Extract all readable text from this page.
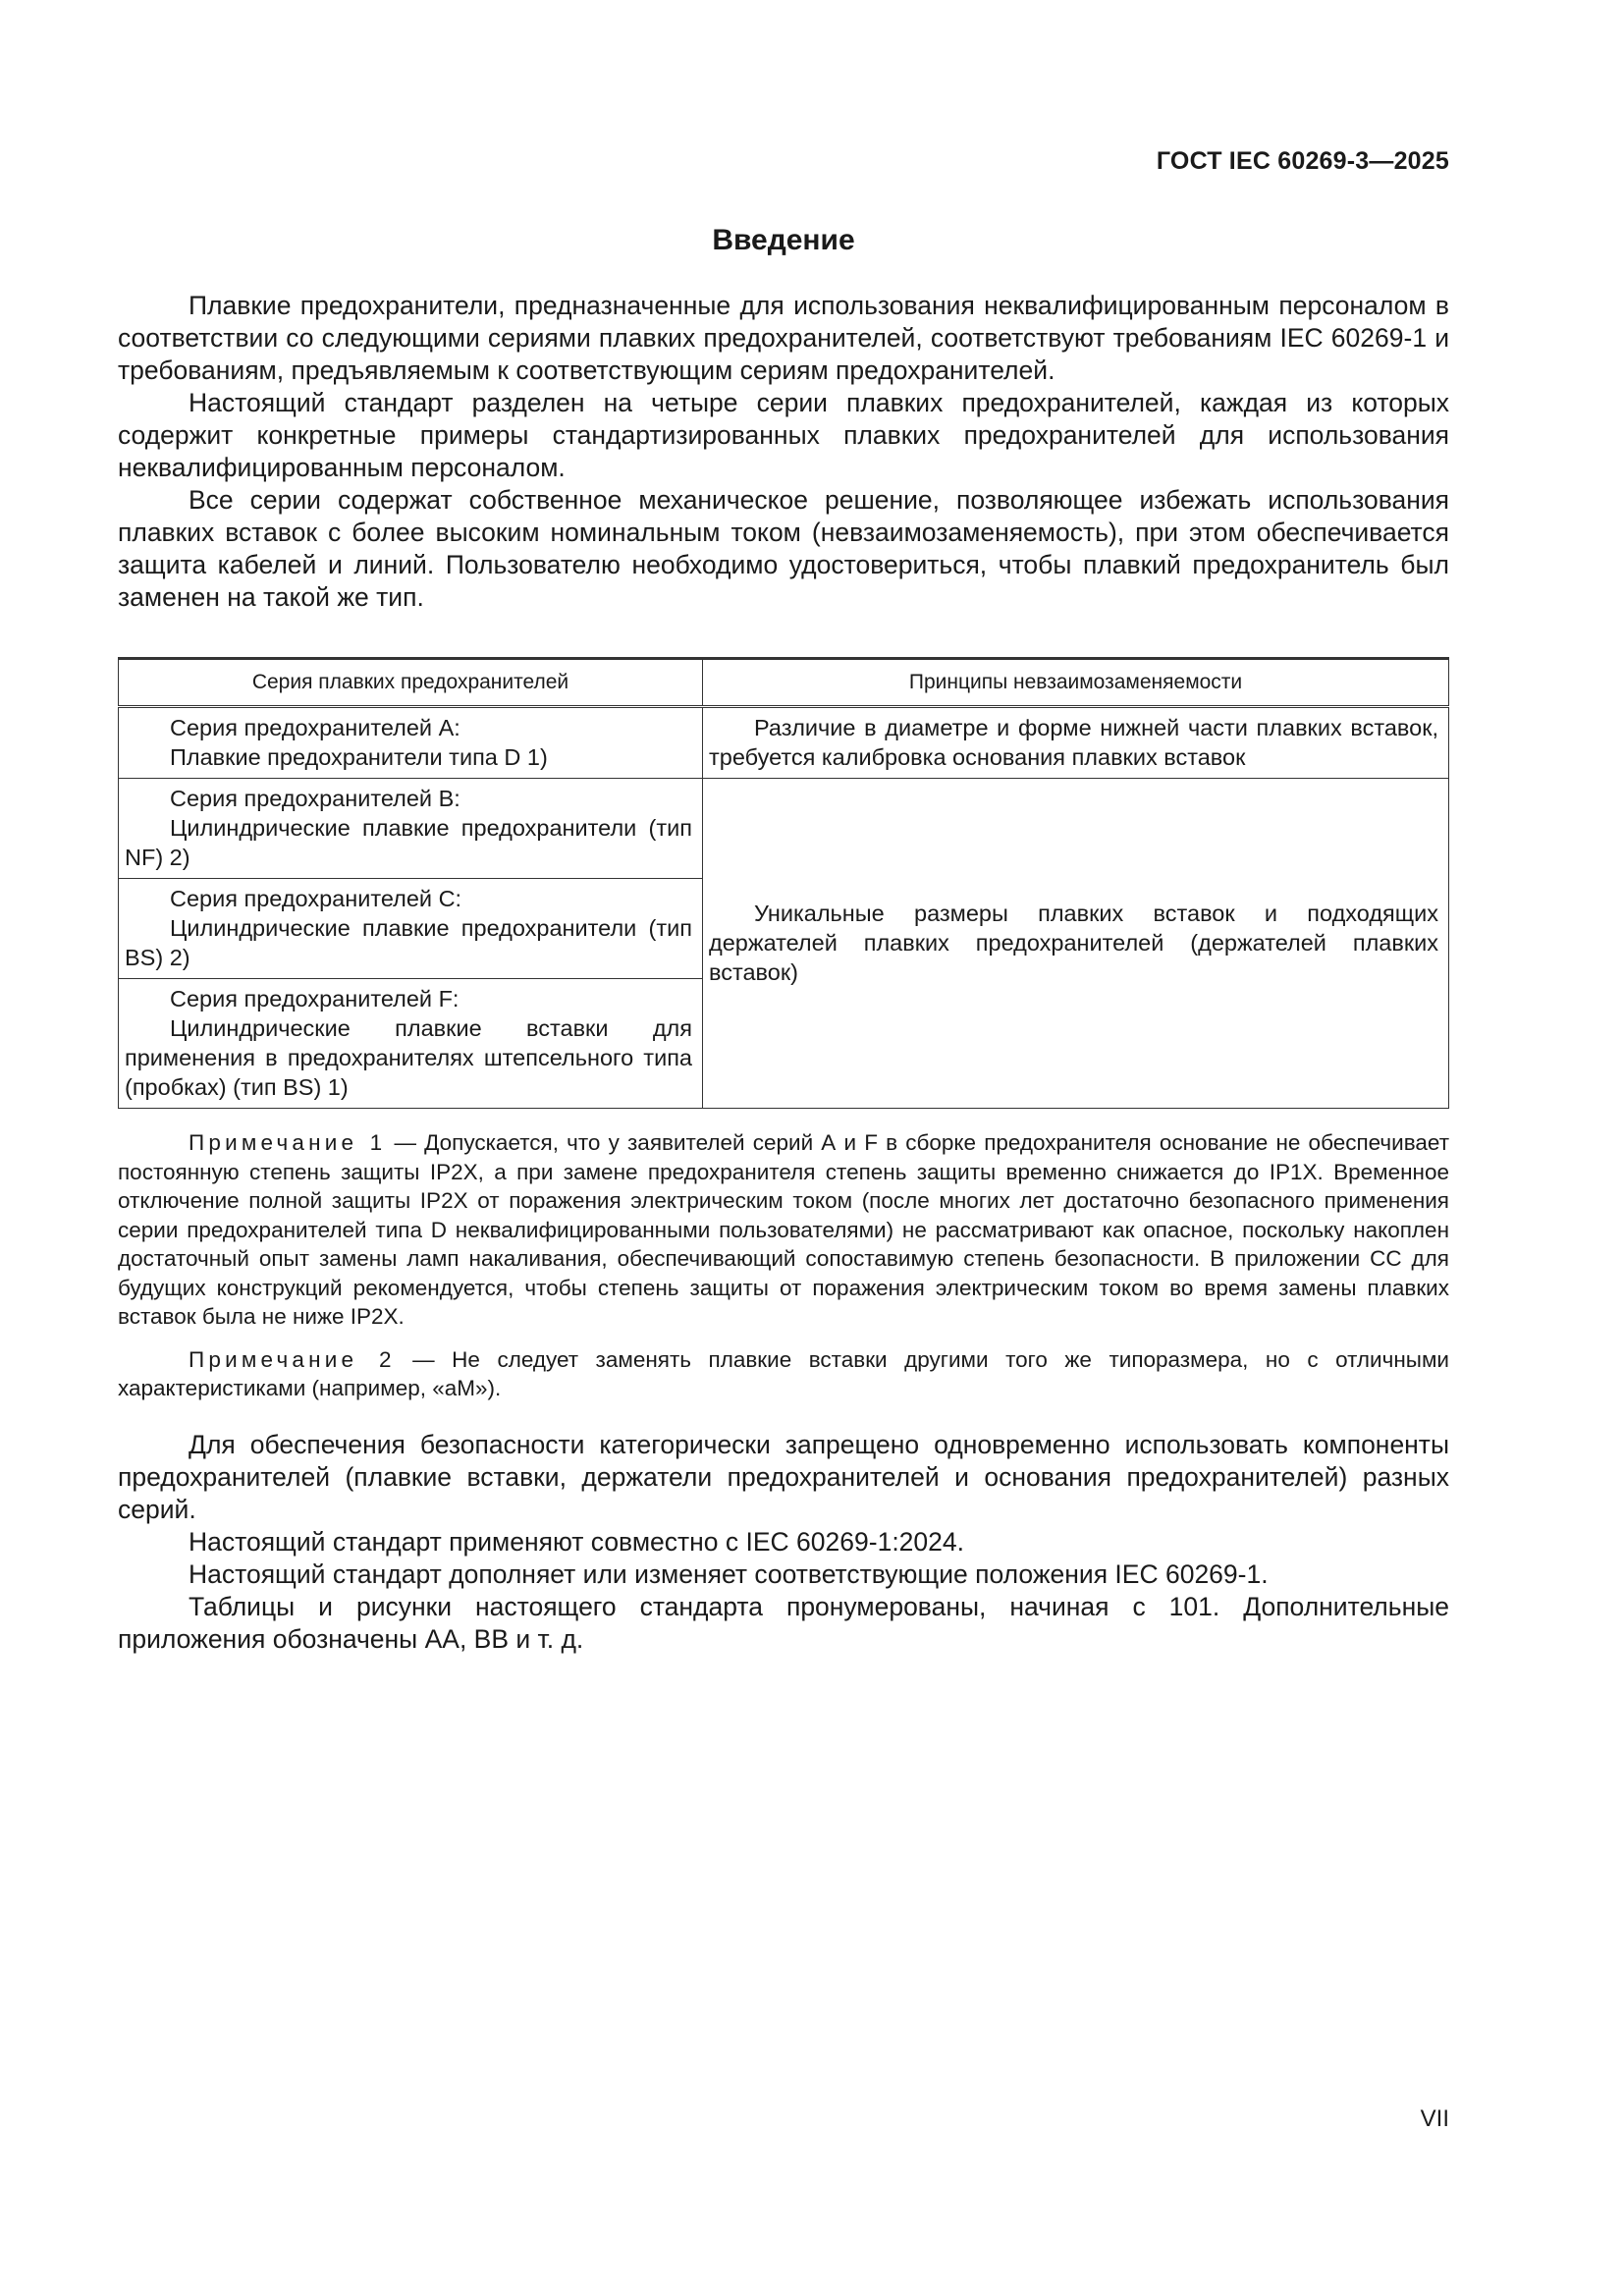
ГОСТ IEC 60269-3—2025
Введение

Плавкие предохранители, предназначенные для использования неквалифицированным персоналом в соответствии со следующими сериями плавких предохранителей, соответствуют требованиям IEC 60269-1 и требованиям, предъявляемым к соответствующим сериям предохранителей.

Настоящий стандарт разделен на четыре серии плавких предохранителей, каждая из которых содержит конкретные примеры стандартизированных плавких предохранителей для использования неквалифицированным персоналом.

Все серии содержат собственное механическое решение, позволяющее избежать использования плавких вставок с более высоким номинальным током (невзаимозаменяемость), при этом обеспечивается защита кабелей и линий. Пользователю необходимо удостовериться, чтобы плавкий предохранитель был заменен на такой же тип.

Серия плавких предохранителей	Принципы невзаимозаменяемости

Серия предохранителей А:
Плавкие предохранители типа D 1)	Различие в диаметре и форме нижней части плавких вставок, требуется калибровка основания плавких вставок

Серия предохранителей В:
Цилиндрические плавкие предохранители (тип NF) 2)	Уникальные размеры плавких вставок и подходящих держателей плавких предохранителей (держателей плавких вставок)

Серия предохранителей С:
Цилиндрические плавкие предохранители (тип BS) 2)	

Серия предохранителей F:
Цилиндрические плавкие вставки для применения в предохранителях штепсельного типа (пробках) (тип BS) 1)	

Примечание 1 — Допускается, что у заявителей серий А и F в сборке предохранителя основание не обеспечивает постоянную степень защиты IP2X, а при замене предохранителя степень защиты временно снижается до IP1X. Временное отключение полной защиты IP2X от поражения электрическим током (после многих лет достаточно безопасного применения серии предохранителей типа D неквалифицированными пользователями) не рассматривают как опасное, поскольку накоплен достаточный опыт замены ламп накаливания, обеспечивающий сопоставимую степень безопасности. В приложении СС для будущих конструкций рекомендуется, чтобы степень защиты от поражения электрическим током во время замены плавких вставок была не ниже IP2X.

Примечание 2 — Не следует заменять плавкие вставки другими того же типоразмера, но с отличными характеристиками (например, «аМ»).

Для обеспечения безопасности категорически запрещено одновременно использовать компоненты предохранителей (плавкие вставки, держатели предохранителей и основания предохранителей) разных серий.

Настоящий стандарт применяют совместно с IEC 60269-1:2024.

Настоящий стандарт дополняет или изменяет соответствующие положения IEC 60269-1.

Таблицы и рисунки настоящего стандарта пронумерованы, начиная с 101. Дополнительные приложения обозначены АА, ВВ и т. д.

VII
